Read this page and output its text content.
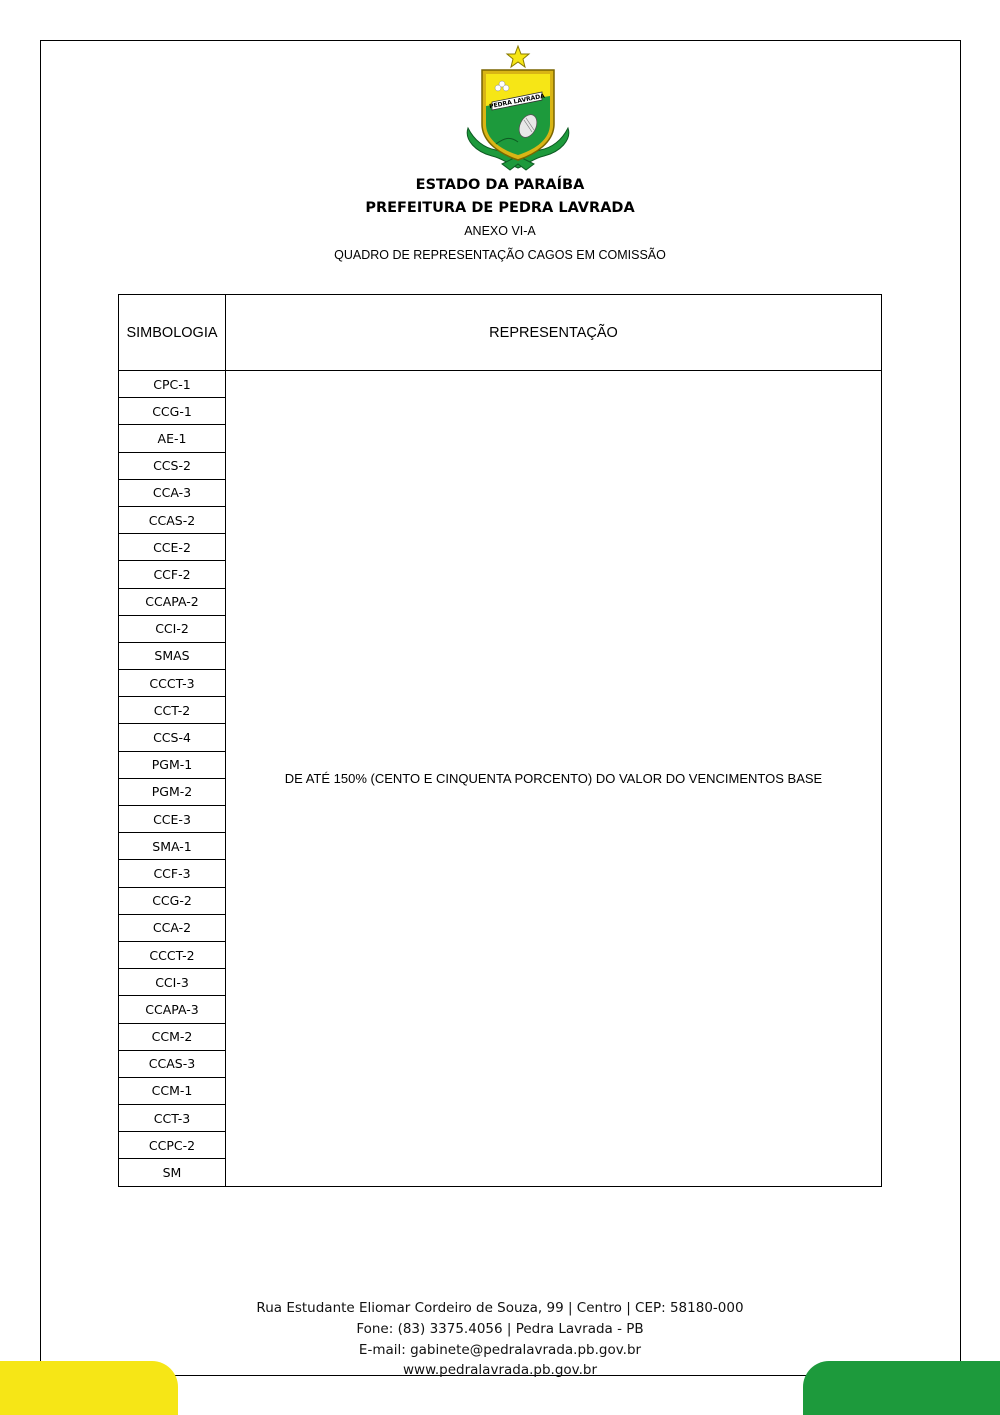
PEDRA LAVRADA
ESTADO DA PARAÍBA
PREFEITURA DE PEDRA LAVRADA
ANEXO VI-A
QUADRO DE REPRESENTAÇÃO CAGOS EM COMISSÃO
SIMBOLOGIA	REPRESENTAÇÃO
CPC-1	DE ATÉ 150% (CENTO E CINQUENTA PORCENTO) DO VALOR DO VENCIMENTOS BASE
CCG-1	
AE-1	
CCS-2	
CCA-3	
CCAS-2	
CCE-2	
CCF-2	
CCAPA-2	
CCI-2	
SMAS	
CCCT-3	
CCT-2	
CCS-4	
PGM-1	
PGM-2	
CCE-3	
SMA-1	
CCF-3	
CCG-2	
CCA-2	
CCCT-2	
CCI-3	
CCAPA-3	
CCM-2	
CCAS-3	
CCM-1	
CCT-3	
CCPC-2	
SM	
Rua Estudante Eliomar Cordeiro de Souza, 99 | Centro | CEP: 58180-000
Fone: (83) 3375.4056 | Pedra Lavrada - PB
E-mail: gabinete@pedralavrada.pb.gov.br
www.pedralavrada.pb.gov.br
